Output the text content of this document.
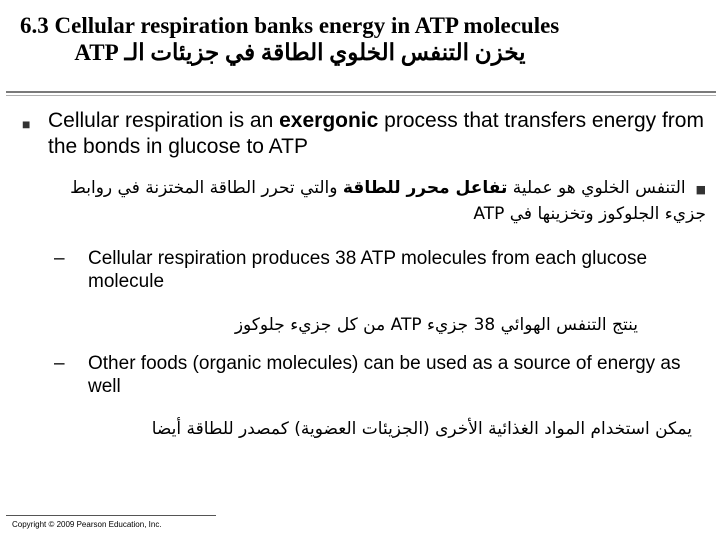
6.3 Cellular respiration banks energy in ATP molecules
يخزن التنفس الخلوي الطاقة في جزيئات الـ ATP
■ Cellular respiration is an exergonic process that transfers energy from the bonds in glucose to ATP
■التنفس الخلوي هو عملية تفاعل محرر للطاقة والتي تحرر الطاقة المختزنة في روابط جزيء الجلوكوز وتخزينها في ATP
–	Cellular respiration produces 38 ATP molecules from each glucose molecule
ينتج التنفس الهوائي 38 جزيء ATP من كل جزيء جلوكوز
–	Other foods (organic molecules) can be used as a source of energy as well
يمكن استخدام المواد الغذائية الأخرى (الجزيئات العضوية) كمصدر للطاقة أيضا
Copyright © 2009 Pearson Education, Inc.
